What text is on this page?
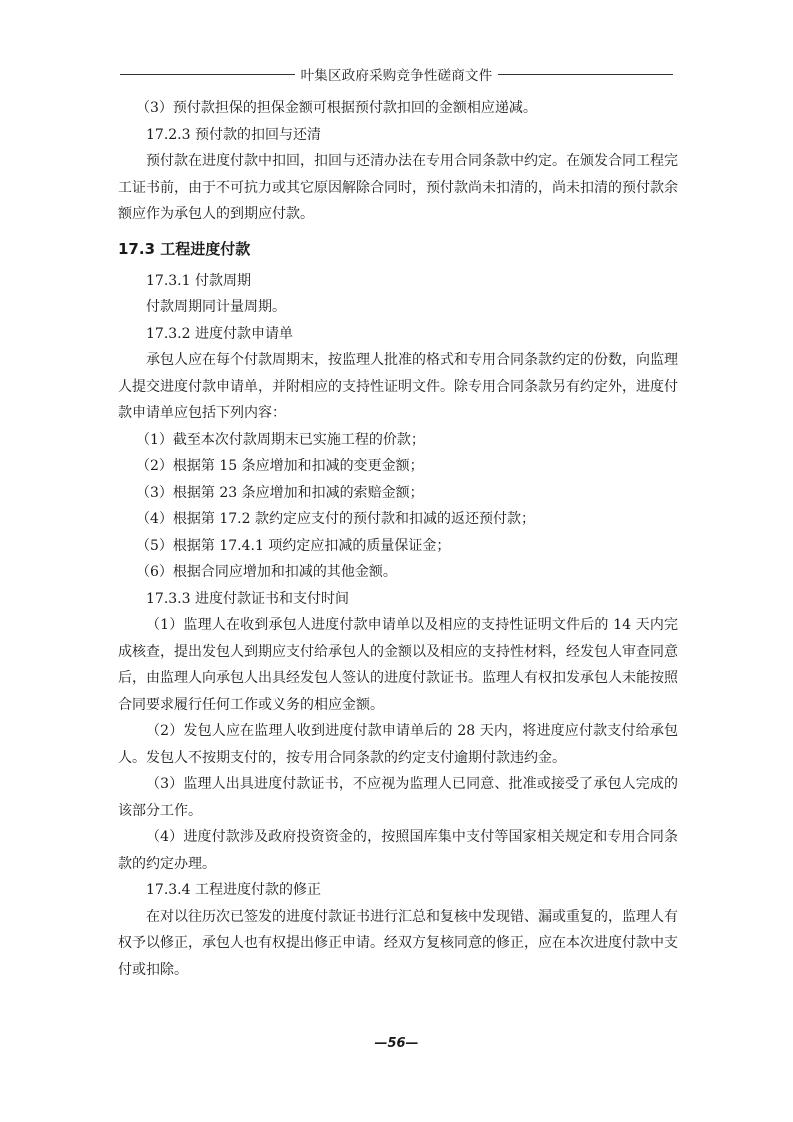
叶集区政府采购竞争性磋商文件

（3）预付款担保的担保金额可根据预付款扣回的金额相应递减。

17.2.3 预付款的扣回与还清

预付款在进度付款中扣回，扣回与还清办法在专用合同条款中约定。在颁发合同工程完工证书前，由于不可抗力或其它原因解除合同时，预付款尚未扣清的，尚未扣清的预付款余额应作为承包人的到期应付款。

17.3 工程进度付款

17.3.1 付款周期

付款周期同计量周期。

17.3.2 进度付款申请单

承包人应在每个付款周期末，按监理人批准的格式和专用合同条款约定的份数，向监理人提交进度付款申请单，并附相应的支持性证明文件。除专用合同条款另有约定外，进度付款申请单应包括下列内容：

（1）截至本次付款周期末已实施工程的价款；

（2）根据第 15 条应增加和扣减的变更金额；

（3）根据第 23 条应增加和扣减的索赔金额；

（4）根据第 17.2 款约定应支付的预付款和扣减的返还预付款；

（5）根据第 17.4.1 项约定应扣减的质量保证金；

（6）根据合同应增加和扣减的其他金额。

17.3.3 进度付款证书和支付时间

（1）监理人在收到承包人进度付款申请单以及相应的支持性证明文件后的 14 天内完成核查，提出发包人到期应支付给承包人的金额以及相应的支持性材料，经发包人审查同意后，由监理人向承包人出具经发包人签认的进度付款证书。监理人有权扣发承包人未能按照合同要求履行任何工作或义务的相应金额。

（2）发包人应在监理人收到进度付款申请单后的 28 天内，将进度应付款支付给承包人。发包人不按期支付的，按专用合同条款的约定支付逾期付款违约金。

（3）监理人出具进度付款证书，不应视为监理人已同意、批准或接受了承包人完成的该部分工作。

（4）进度付款涉及政府投资资金的，按照国库集中支付等国家相关规定和专用合同条款的约定办理。

17.3.4 工程进度付款的修正

在对以往历次已签发的进度付款证书进行汇总和复核中发现错、漏或重复的，监理人有权予以修正，承包人也有权提出修正申请。经双方复核同意的修正，应在本次进度付款中支付或扣除。

—56—
